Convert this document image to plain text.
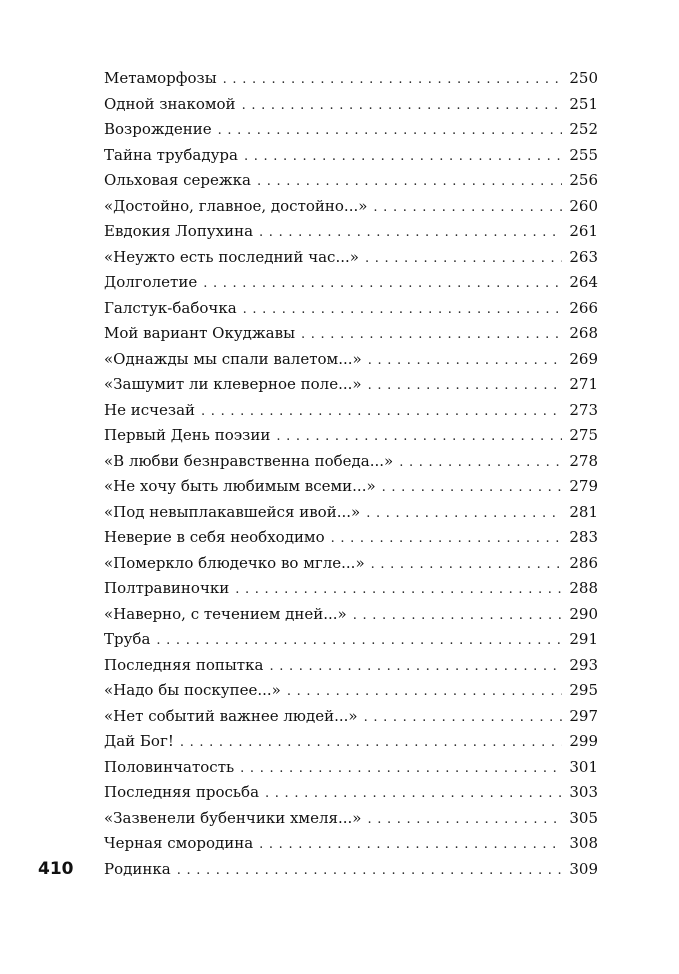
Метаморфозы . . .	250
Одной знакомой . . .	251
Возрождение . . .	252
Тайна трубадура . . .	255
Ольховая сережка . . .	256
«Достойно, главное, достойно...» . . .	260
Евдокия Лопухина . . .	261
«Неужто есть последний час...» . . .	263
Долголетие . . .	264
Галстук-бабочка . . .	266
Мой вариант Окуджавы . . .	268
«Однажды мы спали валетом...» . . .	269
«Зашумит ли клеверное поле...» . . .	271
Не исчезай . . .	273
Первый День поэзии . . .	275
«В любви безнравственна победа...» . . .	278
«Не хочу быть любимым всеми...» . . .	279
«Под невыплакавшейся ивой...» . . .	281
Неверие в себя необходимо . . .	283
«Померкло блюдечко во мгле...» . . .	286
Полтравиночки . . .	288
«Наверно, с течением дней...» . . .	290
Труба . . .	291
Последняя попытка . . .	293
«Надо бы поскупее...» . . .	295
«Нет событий важнее людей...» . . .	297
Дай Бог! . . .	299
Половинчатость . . .	301
Последняя просьба . . .	303
«Зазвенели бубенчики хмеля...» . . .	305
Черная смородина . . .	308
Родинка . . .	309
410
